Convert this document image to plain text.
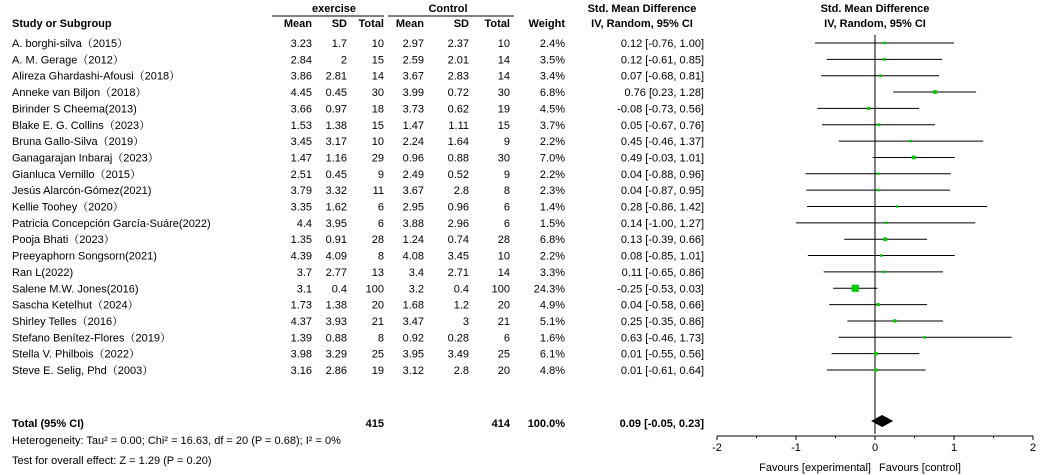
exercise	Control	Std. Mean Difference
IV, Random, 95% CI
Std. Mean Difference
IV, Random, 95% CI
Study or Subgroup	Mean SD Total Mean	SD Total Weight
A. borghi-silva（2015）	3.23 1.7 10 2.97 2.37	10	2.4%	0.12 [-0.76, 1.00]
A. M. Gerage（2012）	2.84	2 15 2.59 2.01	14	3.5%	0.12 [-0.61, 0.85]
Alireza Ghardashi-Afousi（2018）	3.86 2.81 14 3.67 2.83	14	3.4%	0.07 [-0.68, 0.81]
Anneke van Biljon（2018）	4.45 0.45 30 3.99 0.72	30	6.8%	0.76 [0.23, 1.28]
Birinder S Cheema(2013)	3.66 0.97 18 3.73 0.62	19	4.5%	-0.08 [-0.73, 0.56]
Blake E. G. Collins（2023）	1.53 1.38 15 1.47 1.11	15	3.7%	0.05 [-0.67, 0.76]
Bruna Gallo-Silva（2019）	3.45 3.17 10 2.24 1.64	9	2.2%	0.45 [-0.46, 1.37]
Ganagarajan Inbaraj（2023）	1.47 1.16 29 0.96 0.88	30	7.0%	0.49 [-0.03, 1.01]
Gianluca Vernillo（2015）	2.51 0.45	9 2.49 0.52	9	2.2%	0.04 [-0.88, 0.96]
Jesús Alarcón-Gómez(2021)	3.79 3.32 11 3.67	2.8	8	2.3%	0.04 [-0.87, 0.95]
Kellie Toohey（2020）	3.35 1.62	6 2.95 0.96	6	1.4%	0.28 [-0.86, 1.42]
Patricia Concepción García-Suáre(2022)	4.4 3.95	6 3.88 2.96	6	1.5%	0.14 [-1.00, 1.27]
Pooja Bhati（2023）	1.35 0.91 28 1.24 0.74	28	6.8%	0.13 [-0.39, 0.66]
Preeyaphorn Songsorn(2021)	4.39 4.09	8 4.08 3.45	10	2.2%	0.08 [-0.85, 1.01]
Ran L(2022)	3.7 2.77 13 3.4 2.71	14	3.3%	0.11 [-0.65, 0.86]
Salene M.W. Jones(2016)	3.1 0.4 100 3.2	0.4 100 24.3%	-0.25 [-0.53, 0.03]
Sascha Ketelhut（2024）	1.73 1.38 20 1.68	1.2	20	4.9%	0.04 [-0.58, 0.66]
Shirley Telles（2016）	4.37 3.93 21 3.47	3	21	5.1%	0.25 [-0.35, 0.86]
Stefano Benítez-Flores（2019）	1.39 0.88	8 0.92 0.28	6	1.6%	0.63 [-0.46, 1.73]
Stella V. Philbois（2022）	3.98 3.29 25 3.95 3.49	25	6.1%	0.01 [-0.55, 0.56]
Steve E. Selig, Phd（2003）	3.16 2.86 19 3.12	2.8	20	4.8%	0.01 [-0.61, 0.64]
Total (95% CI)	415	414 100.0%	0.09 [-0.05, 0.23]
Heterogeneity: Tau² = 0.00; Chi² = 16.63, df = 20 (P = 0.68); I² = 0%
Test for overall effect: Z = 1.29 (P = 0.20)
-2	-1	0	1	2
Favours [experimental] Favours [control]
